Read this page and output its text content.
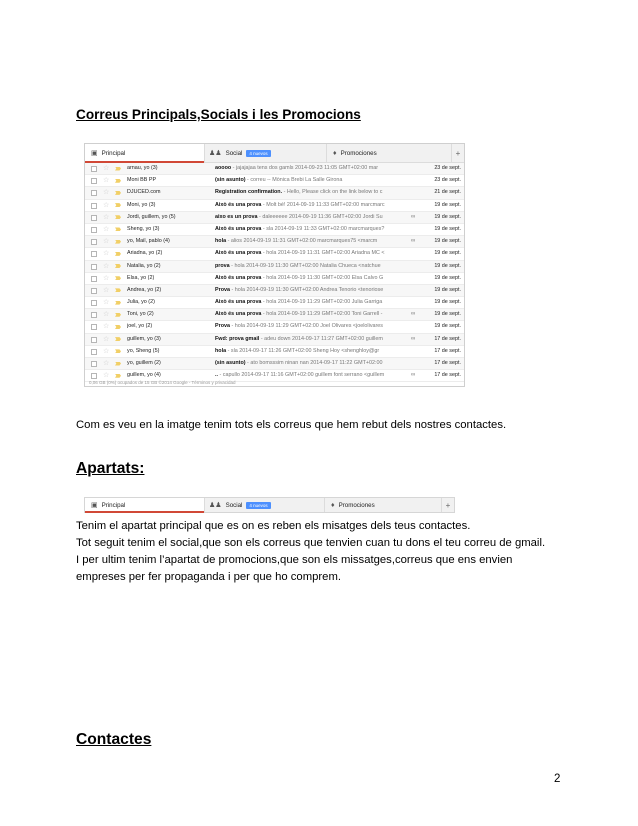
Correus Principals,Socials i les Promocions
▣ Principal	♟♟ Social	4 nuevos	♦ Promociones	+
☆	arnau, yo (3)	aoooo - jajajajaa tens dos gamls 2014-09-23 11:05 GMT+02:00 mar	23 de sept.
☆	Moni BB PP	(sin asunto) - correu -- Mònica Brebi La Salle Girona	23 de sept.
☆	DJUCED.com	Registration confirmation. - Hello, Please click on the link below to c	21 de sept.
☆	Moni, yo (3)	Això és una prova - Molt bé! 2014-09-19 11:33 GMT+02:00 marcmarc	19 de sept.
☆	Jordi, guillem, yo (5)	aixo es un prova - daleeeeee 2014-09-19 11:36 GMT+02:00 Jordi Su	∞	19 de sept.
☆	Sheng, yo (3)	Això és una prova - sla 2014-09-19 11:33 GMT+02:00 marcmarques?	19 de sept.
☆	yo, Mail, pablo (4)	hola - alios 2014-09-19 11:31 GMT+02:00 marcmarques75 <marcm	∞	19 de sept.
☆	Ariadna, yo (2)	Això és una prova - hola 2014-09-19 11:31 GMT+02:00 Ariadna MC <	19 de sept.
☆	Natalia, yo (2)	prova - hola 2014-09-19 11:30 GMT+02:00 Natalia Chueca <natchue	19 de sept.
☆	Elsa, yo (2)	Això és una prova - hola 2014-09-19 11:30 GMT+02:00 Elsa Calvo G	19 de sept.
☆	Andrea, yo (2)	Prova - hola 2014-09-19 11:30 GMT+02:00 Andrea Tenorio <tenoriose	19 de sept.
☆	Julia, yo (2)	Això és una prova - hola 2014-09-19 11:29 GMT+02:00 Julia Garriga	19 de sept.
☆	Toni, yo (2)	Això és una prova - hola 2014-09-19 11:29 GMT+02:00 Toni Garrell -	∞	19 de sept.
☆	joel, yo (2)	Prova - hola 2014-09-19 11:29 GMT+02:00 Joel Olivares <joelolivares	19 de sept.
☆	guillem, yo (3)	Fwd: prova gmail - adeu down 2014-09-17 11:27 GMT+02:00 guillem	∞	17 de sept.
☆	yo, Sheng (5)	hola - sla 2014-09-17 11:26 GMT+02:00 Sheng Hoy <shenghloy@gr	17 de sept.
☆	yo, guillem (2)	(sin asunto) - ato bomsssim ninan nan 2014-09-17 11:22 GMT+02:00	17 de sept.
☆	guillem, yo (4)	.. - capullo 2014-09-17 11:16 GMT+02:00 guillem font serrano <guillem	∞	17 de sept.
0,06 GB (0%) ocupados de 15 GB ©2014 Google - Términos y privacidad
Com es veu en la imatge tenim tots els correus que hem rebut dels nostres contactes.
Apartats:
▣ Principal	♟♟ Social	4 nuevos	♦ Promociones	+
Tenim el apartat principal que es on es reben els misatges dels teus contactes.
Tot seguit tenim el social,que son els correus que tenvien cuan tu dons el teu correu de gmail.
I per ultim tenim l’apartat de promocions,que son els missatges,correus que ens envien
empreses per fer propaganda i per que ho comprem.
Contactes
2
